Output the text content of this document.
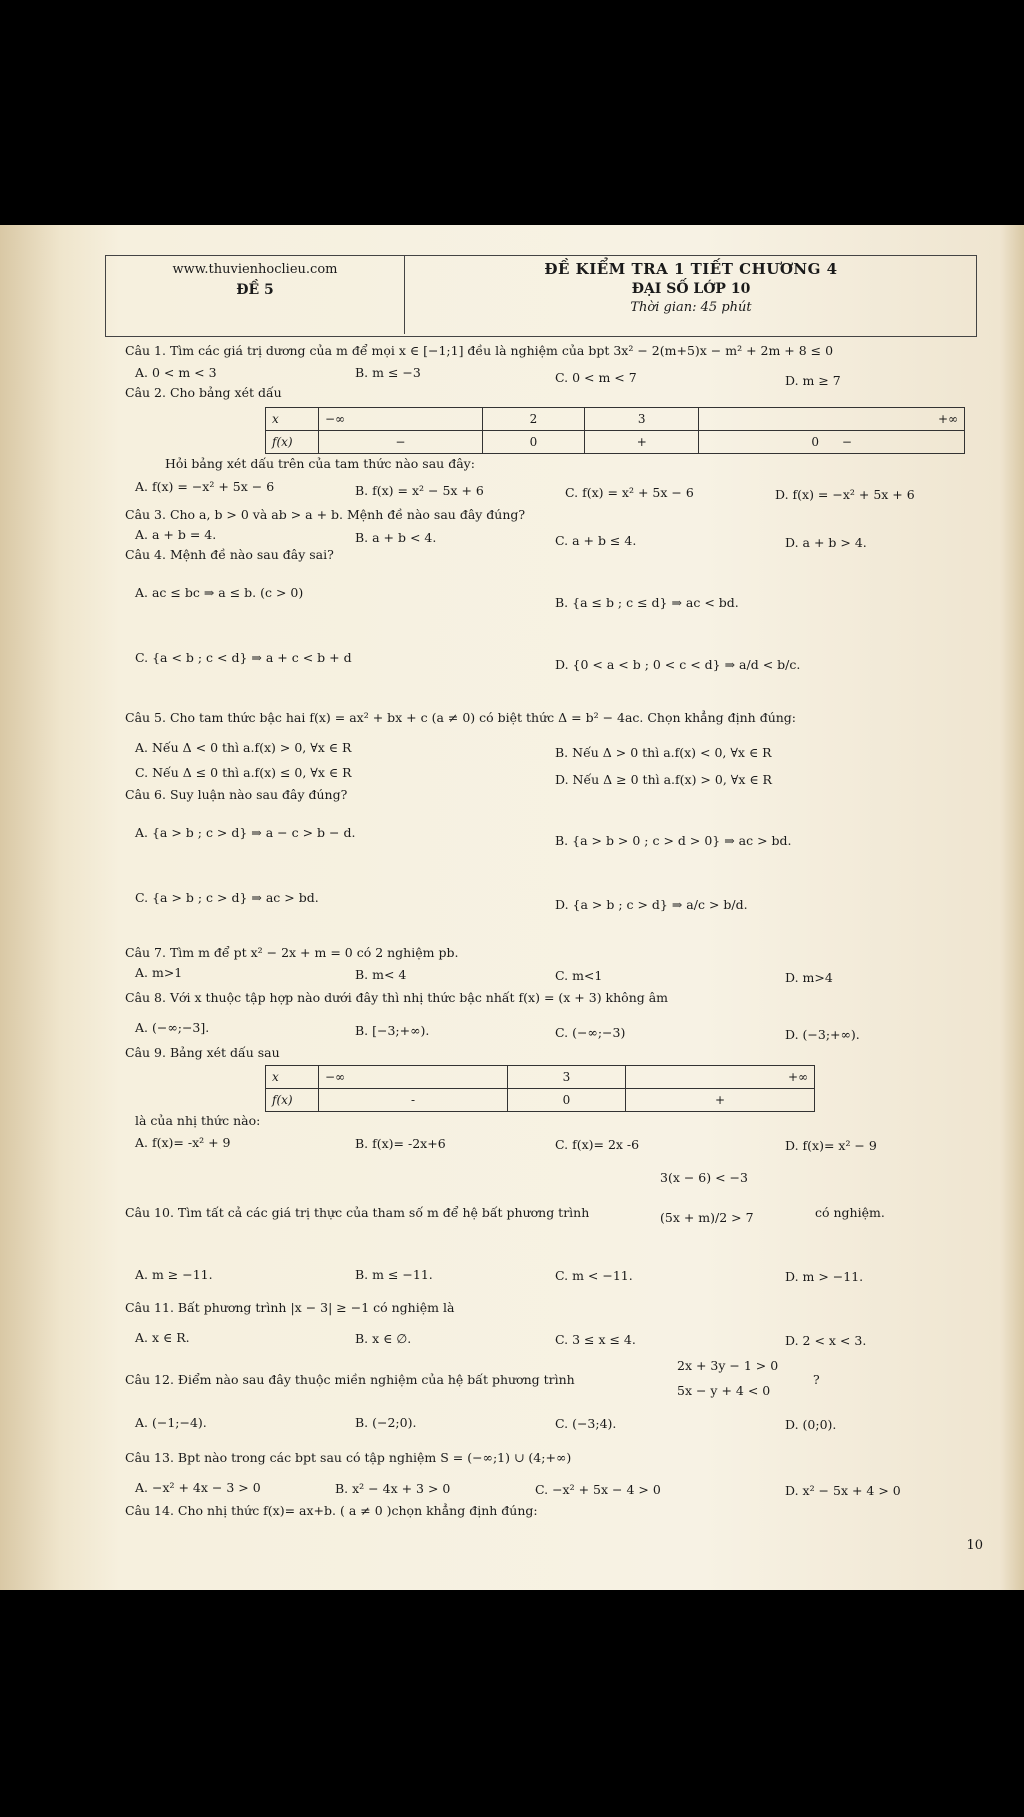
www.thuvienhoclieu.com
ĐỀ 5
ĐỀ KIỂM TRA 1 TIẾT CHƯƠNG 4
ĐẠI SỐ LỚP 10
Thời gian: 45 phút
Câu 1. Tìm các giá trị dương của m để mọi x ∈ [−1;1] đều là nghiệm của bpt 3x² − 2(m+5)x − m² + 2m + 8 ≤ 0
A. 0 < m < 3	B. m ≤ −3	C. 0 < m < 7	D. m ≥ 7
Câu 2. Cho bảng xét dấu
x	−∞	2	3	+∞
f(x)	−	0	+	0 −
Hỏi bảng xét dấu trên của tam thức nào sau đây:
A. f(x) = −x² + 5x − 6	B. f(x) = x² − 5x + 6	C. f(x) = x² + 5x − 6	D. f(x) = −x² + 5x + 6
Câu 3. Cho a, b > 0 và ab > a + b. Mệnh đề nào sau đây đúng?
A. a + b = 4.	B. a + b < 4.	C. a + b ≤ 4.	D. a + b > 4.
Câu 4. Mệnh đề nào sau đây sai?
A. ac ≤ bc ⇒ a ≤ b. (c > 0)
B. {a ≤ b ; c ≤ d} ⇒ ac < bd.
C. {a < b ; c < d} ⇒ a + c < b + d	D. {0 < a < b ; 0 < c < d} ⇒ a/d < b/c.
Câu 5. Cho tam thức bậc hai f(x) = ax² + bx + c (a ≠ 0) có biệt thức Δ = b² − 4ac. Chọn khẳng định đúng:
A. Nếu Δ < 0 thì a.f(x) > 0, ∀x ∈ R	B. Nếu Δ > 0 thì a.f(x) < 0, ∀x ∈ R
C. Nếu Δ ≤ 0 thì a.f(x) ≤ 0, ∀x ∈ R	D. Nếu Δ ≥ 0 thì a.f(x) > 0, ∀x ∈ R
Câu 6. Suy luận nào sau đây đúng?
A. {a > b ; c > d} ⇒ a − c > b − d.
B. {a > b > 0 ; c > d > 0} ⇒ ac > bd.
C. {a > b ; c > d} ⇒ ac > bd.	D. {a > b ; c > d} ⇒ a/c > b/d.
Câu 7. Tìm m để pt x² − 2x + m = 0 có 2 nghiệm pb.
A. m>1	B. m< 4	C. m<1	D. m>4
Câu 8. Với x thuộc tập hợp nào dưới đây thì nhị thức bậc nhất f(x) = (x + 3) không âm
A. (−∞;−3].	B. [−3;+∞).	C. (−∞;−3)	D. (−3;+∞).
Câu 9. Bảng xét dấu sau
x	−∞	3	+∞
f(x)	-	0	+
là của nhị thức nào:
A. f(x)= -x² + 9	B. f(x)= -2x+6	C. f(x)= 2x -6	D. f(x)= x² − 9
Câu 10. Tìm tất cả các giá trị thực của tham số m để hệ bất phương trình
3(x − 6) < −3
(5x + m)/2 > 7	có nghiệm.
A. m ≥ −11.	B. m ≤ −11.	C. m < −11.	D. m > −11.
Câu 11. Bất phương trình |x − 3| ≥ −1 có nghiệm là
A. x ∈ R.	B. x ∈ ∅.	C. 3 ≤ x ≤ 4.	D. 2 < x < 3.
Câu 12. Điểm nào sau đây thuộc miền nghiệm của hệ bất phương trình
2x + 3y − 1 > 0
5x − y + 4 < 0
?
A. (−1;−4).	B. (−2;0).	C. (−3;4).	D. (0;0).
Câu 13. Bpt nào trong các bpt sau có tập nghiệm S = (−∞;1) ∪ (4;+∞)
A. −x² + 4x − 3 > 0	B. x² − 4x + 3 > 0	C. −x² + 5x − 4 > 0	D. x² − 5x + 4 > 0
Câu 14. Cho nhị thức f(x)= ax+b. ( a ≠ 0 )chọn khẳng định đúng:
10
